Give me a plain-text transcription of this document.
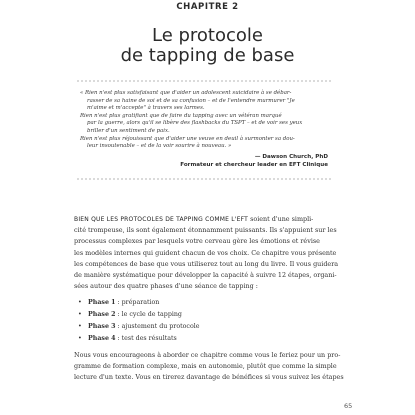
CHAPITRE 2
Le protocole
de tapping de base
« Rien n'est plus satisfaisant que d'aider un adolescent suicidaire à se débar-
rasser de sa haine de soi et de sa confusion – et de l'entendre murmurer "Je
m'aime et m'accepte" à travers ses larmes.
Rien n'est plus gratifiant que de faire du tapping avec un vétéran marqué
par la guerre, alors qu'il se libère des flashbacks du TSPT – et de voir ses yeux
briller d'un sentiment de paix.
Rien n'est plus réjouissant que d'aider une veuve en deuil à surmonter sa dou-
leur insoutenable – et de la voir sourire à nouveau. »
— Dawson Church, PhD
Formateur et chercheur leader en EFT Clinique
BIEN QUE LES PROTOCOLES DE TAPPING COMME L'EFT soient d'une simpli-
cité trompeuse, ils sont également étonnamment puissants. Ils s'appuient sur les
processus complexes par lesquels votre cerveau gère les émotions et révise
les modèles internes qui guident chacun de vos choix. Ce chapitre vous présente
les compétences de base que vous utiliserez tout au long du livre. Il vous guidera
de manière systématique pour développer la capacité à suivre 12 étapes, organi-
sées autour des quatre phases d'une séance de tapping :
• Phase 1 : préparation
• Phase 2 : le cycle de tapping
• Phase 3 : ajustement du protocole
• Phase 4 : test des résultats
Nous vous encourageons à aborder ce chapitre comme vous le feriez pour un pro-
gramme de formation complexe, mais en autonomie, plutôt que comme la simple
lecture d'un texte. Vous en tirerez davantage de bénéfices si vous suivez les étapes
65
